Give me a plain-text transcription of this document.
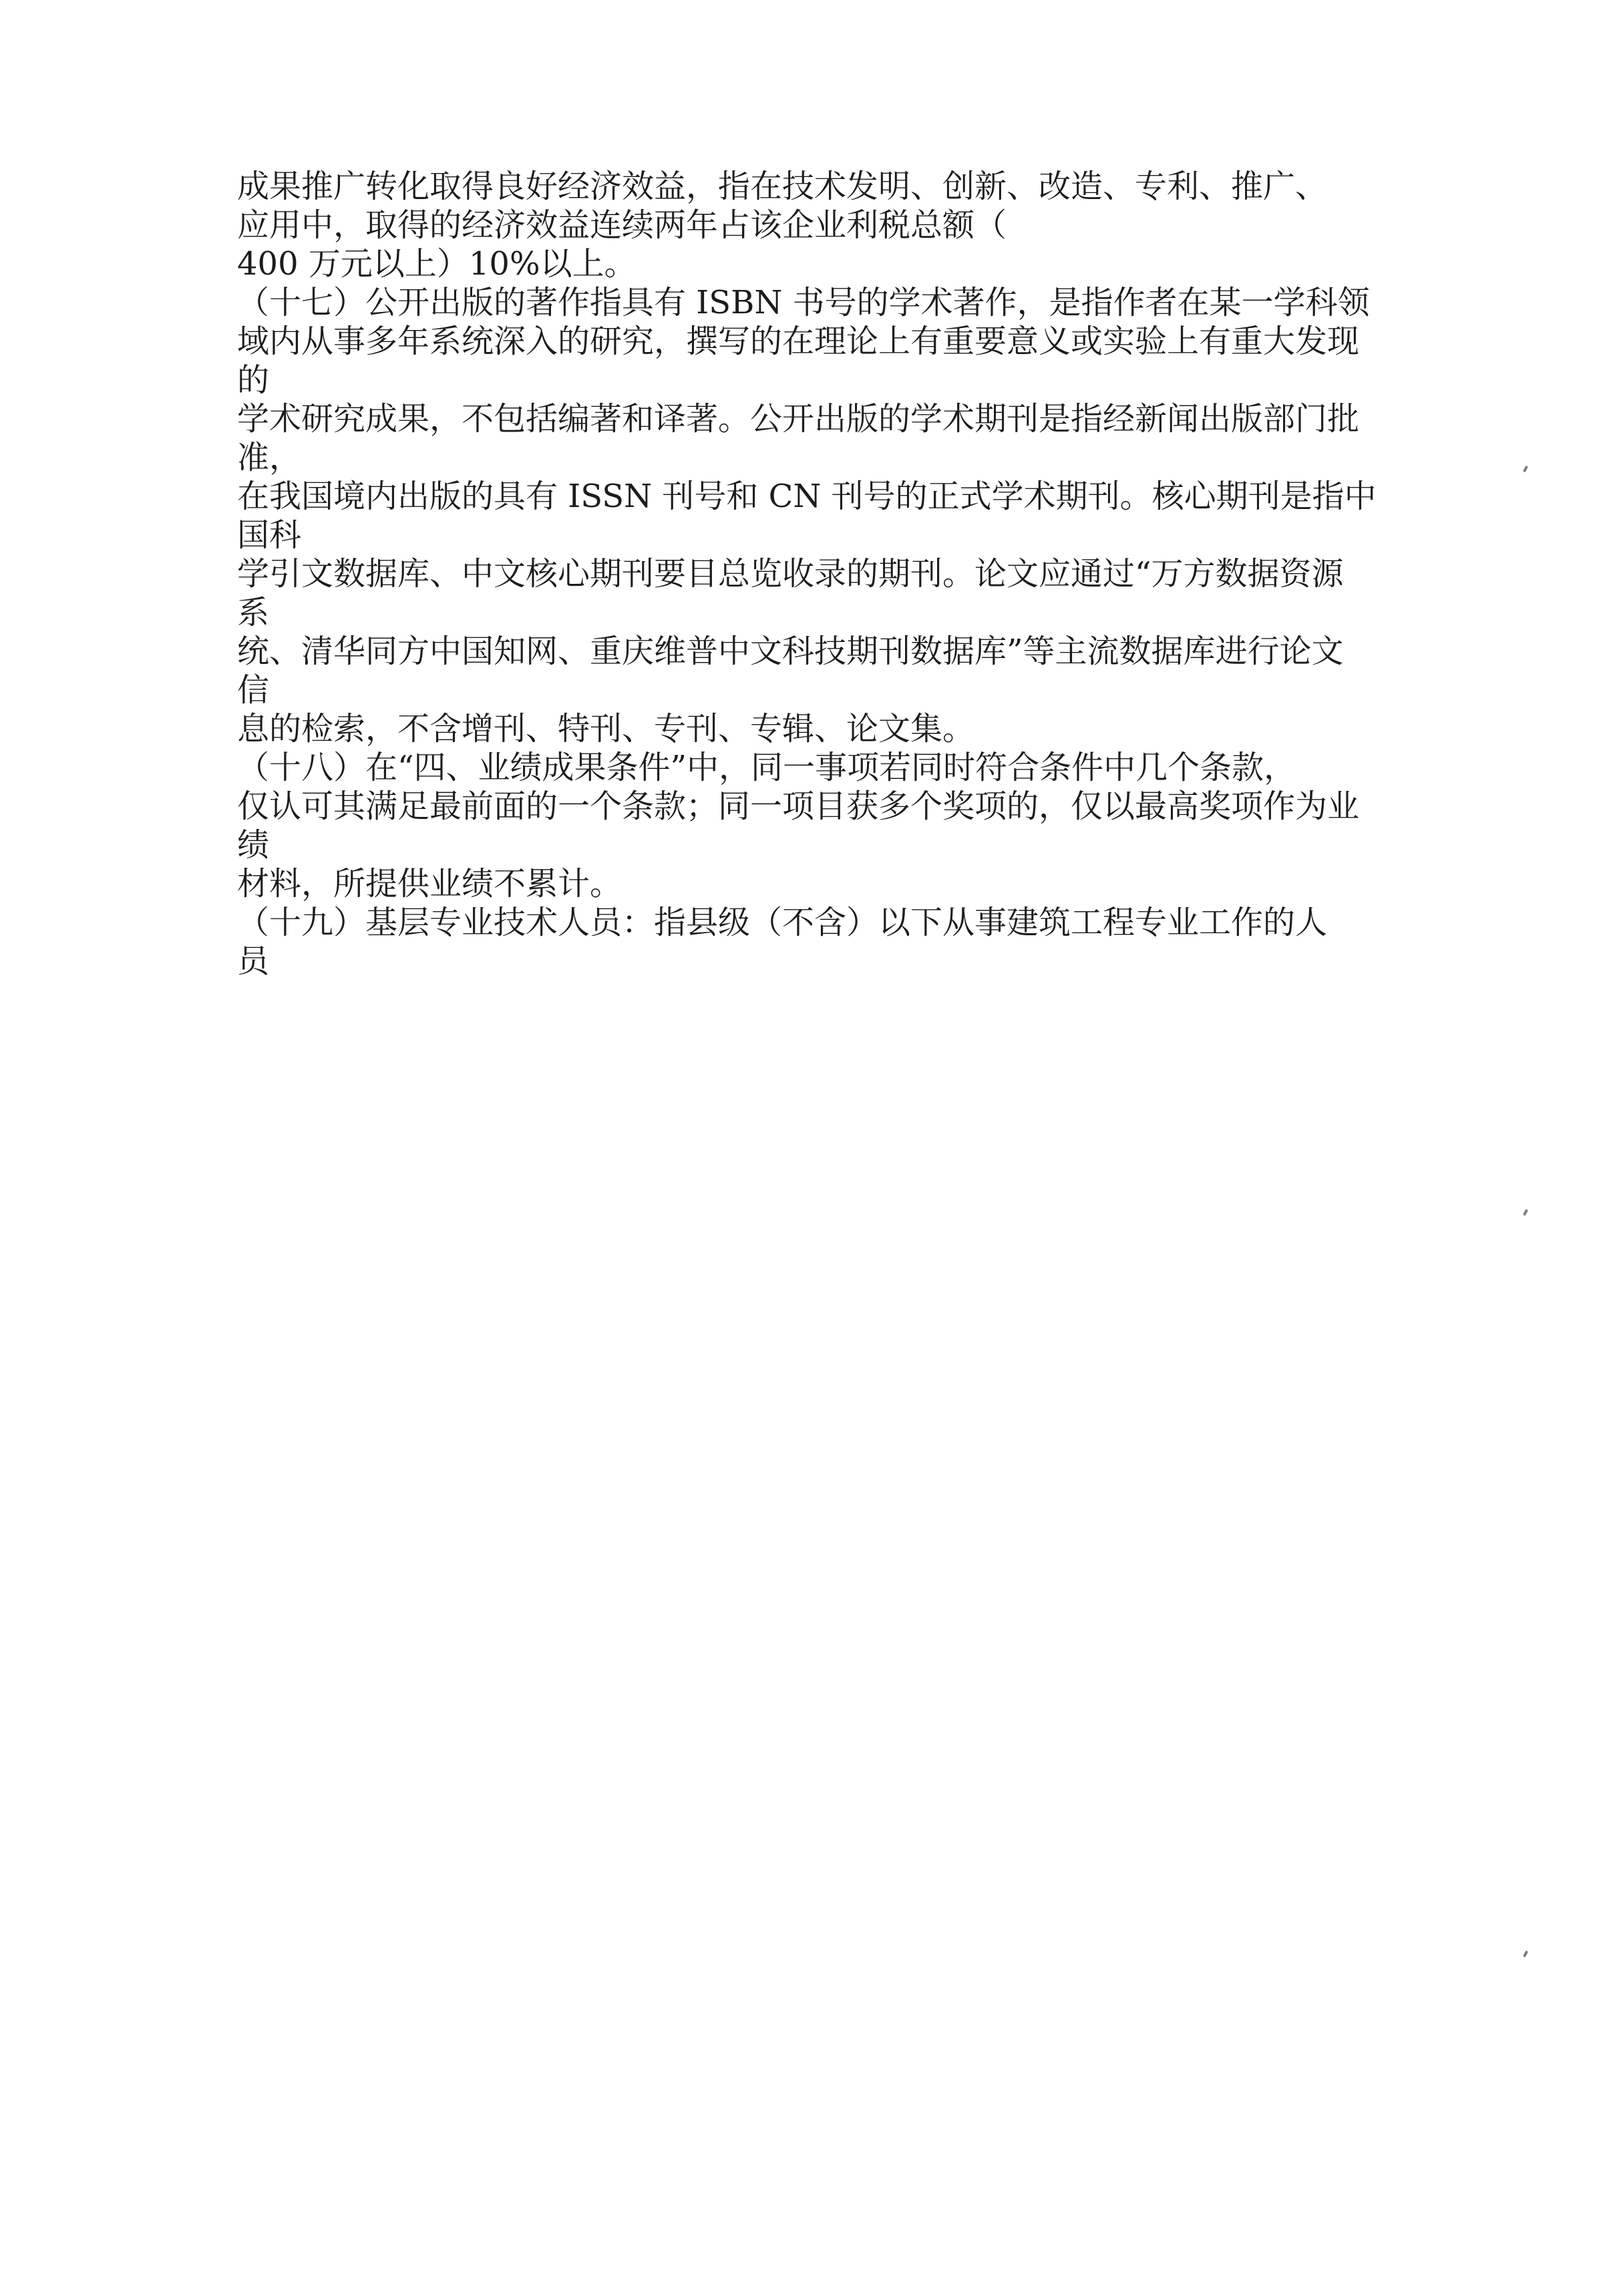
成果推广转化取得良好经济效益，指在技术发明、创新、改造、专利、推广、
应用中，取得的经济效益连续两年占该企业利税总额（
400 万元以上）10%以上。
（十七）公开出版的著作指具有 ISBN 书号的学术著作，是指作者在某一学科领
域内从事多年系统深入的研究，撰写的在理论上有重要意义或实验上有重大发现
的
学术研究成果，不包括编著和译著。公开出版的学术期刊是指经新闻出版部门批
准，
在我国境内出版的具有 ISSN 刊号和 CN 刊号的正式学术期刊。核心期刊是指中
国科
学引文数据库、中文核心期刊要目总览收录的期刊。论文应通过“万方数据资源
系
统、清华同方中国知网、重庆维普中文科技期刊数据库”等主流数据库进行论文
信
息的检索，不含增刊、特刊、专刊、专辑、论文集。
（十八）在“四、业绩成果条件”中，同一事项若同时符合条件中几个条款，
仅认可其满足最前面的一个条款；同一项目获多个奖项的，仅以最高奖项作为业
绩
材料，所提供业绩不累计。
（十九）基层专业技术人员：指县级（不含）以下从事建筑工程专业工作的人
员
